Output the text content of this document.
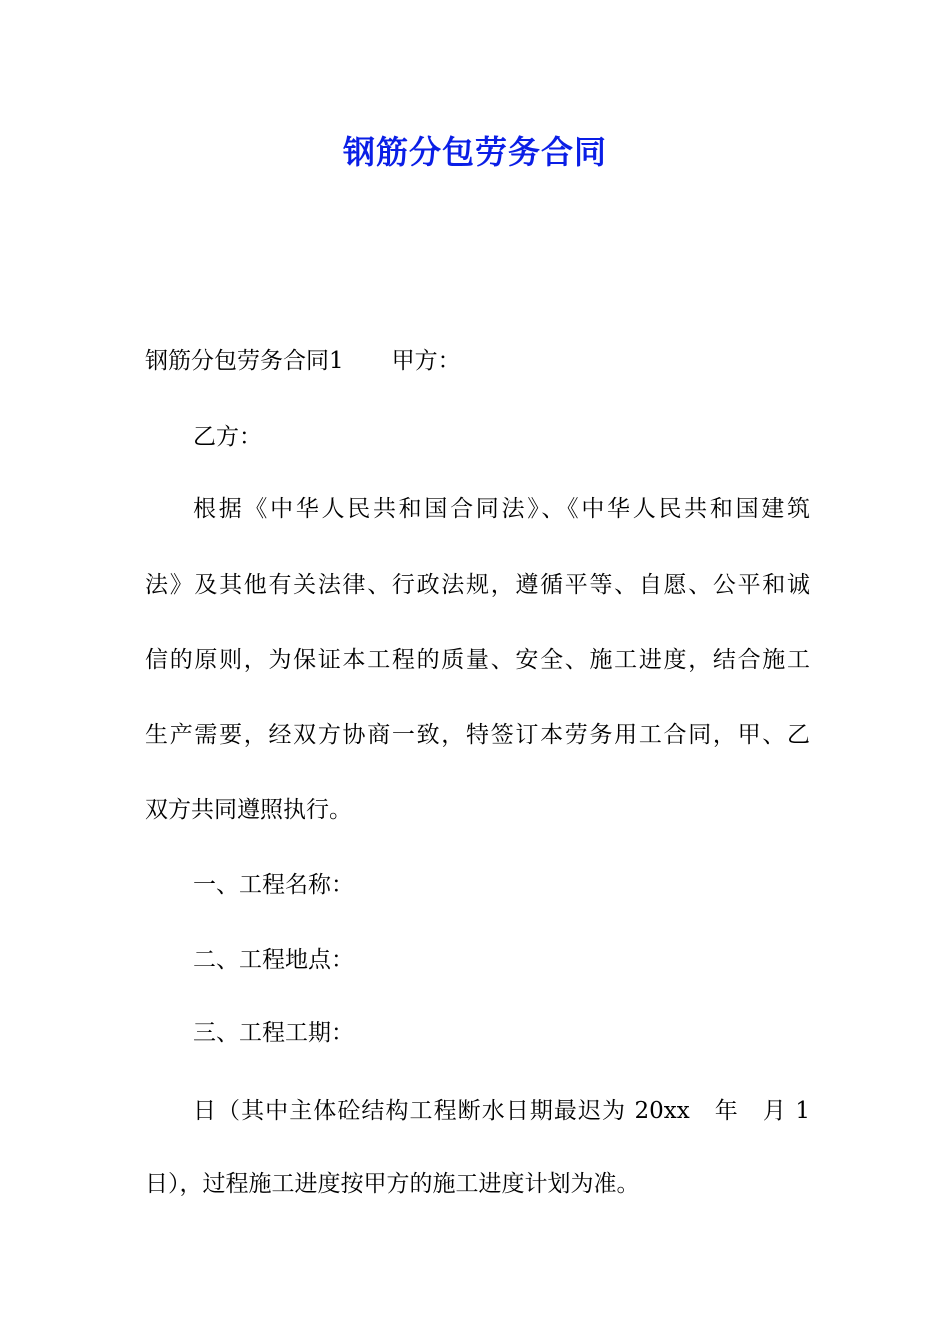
钢筋分包劳务合同
钢筋分包劳务合同1 甲方：
乙方：
根据《中华人民共和国合同法》、《中华人民共和国建筑
法》及其他有关法律、行政法规，遵循平等、自愿、公平和诚
信的原则，为保证本工程的质量、安全、施工进度，结合施工
生产需要，经双方协商一致，特签订本劳务用工合同，甲、乙
双方共同遵照执行。
一、工程名称：
二、工程地点：
三、工程工期：
日（其中主体砼结构工程断水日期最迟为 20xx　年　月 1
日），过程施工进度按甲方的施工进度计划为准。
